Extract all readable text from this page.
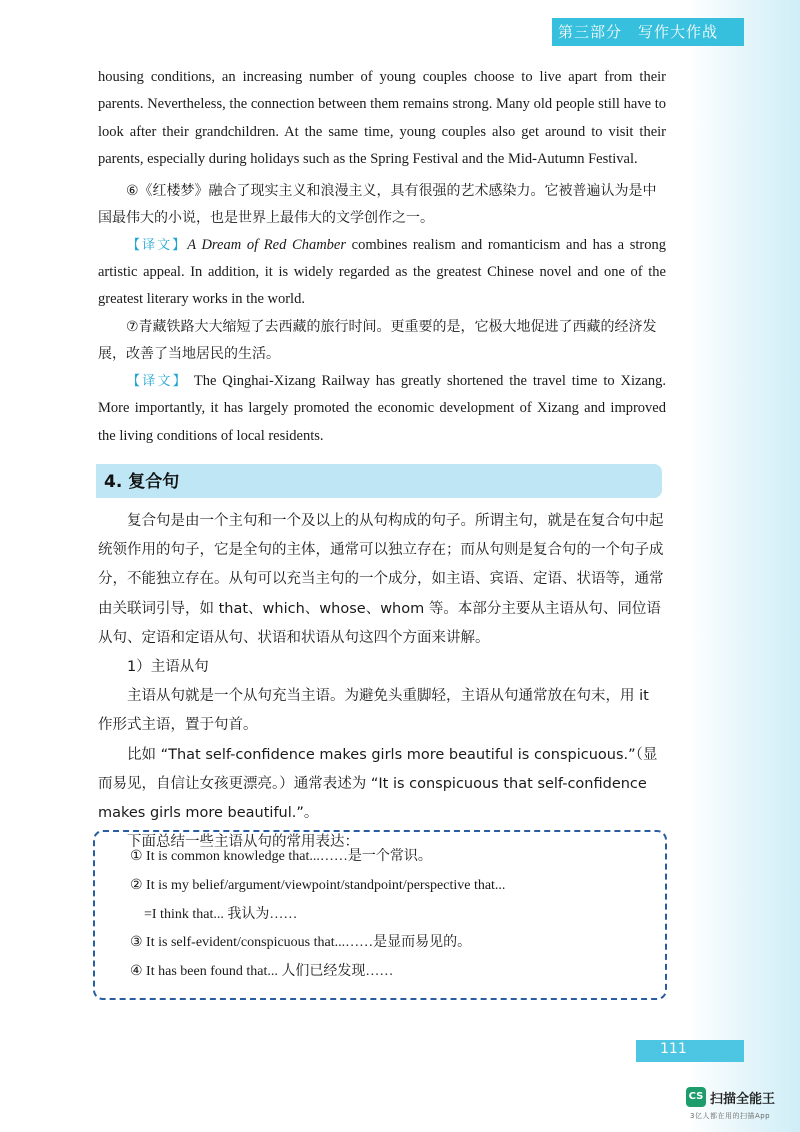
第三部分　写作大作战

housing conditions, an increasing number of young couples choose to live apart from their parents. Nevertheless, the connection between them remains strong. Many old people still have to look after their grandchildren. At the same time, young couples also get around to visit their parents, especially during holidays such as the Spring Festival and the Mid-Autumn Festival.

⑥《红楼梦》融合了现实主义和浪漫主义，具有很强的艺术感染力。它被普遍认为是中国最伟大的小说，也是世界上最伟大的文学创作之一。

【译文】A Dream of Red Chamber combines realism and romanticism and has a strong artistic appeal. In addition, it is widely regarded as the greatest Chinese novel and one of the greatest literary works in the world.

⑦青藏铁路大大缩短了去西藏的旅行时间。更重要的是，它极大地促进了西藏的经济发展，改善了当地居民的生活。

【译文】 The Qinghai-Xizang Railway has greatly shortened the travel time to Xizang. More importantly, it has largely promoted the economic development of Xizang and improved the living conditions of local residents.

4. 复合句

复合句是由一个主句和一个及以上的从句构成的句子。所谓主句，就是在复合句中起统领作用的句子，它是全句的主体，通常可以独立存在；而从句则是复合句的一个句子成分，不能独立存在。从句可以充当主句的一个成分，如主语、宾语、定语、状语等，通常由关联词引导，如 that、which、whose、whom 等。本部分主要从主语从句、同位语从句、定语和定语从句、状语和状语从句这四个方面来讲解。

1）主语从句

主语从句就是一个从句充当主语。为避免头重脚轻，主语从句通常放在句末，用 it 作形式主语，置于句首。

比如 “That self-confidence makes girls more beautiful is conspicuous.”（显而易见，自信让女孩更漂亮。）通常表述为 “It is conspicuous that self-confidence makes girls more beautiful.”。

下面总结一些主语从句的常用表达：

① It is common knowledge that...……是一个常识。

② It is my belief/argument/viewpoint/standpoint/perspective that...

=I think that... 我认为……

③ It is self-evident/conspicuous that...……是显而易见的。

④ It has been found that... 人们已经发现……

111
CS 扫描全能王
3亿人都在用的扫描App
